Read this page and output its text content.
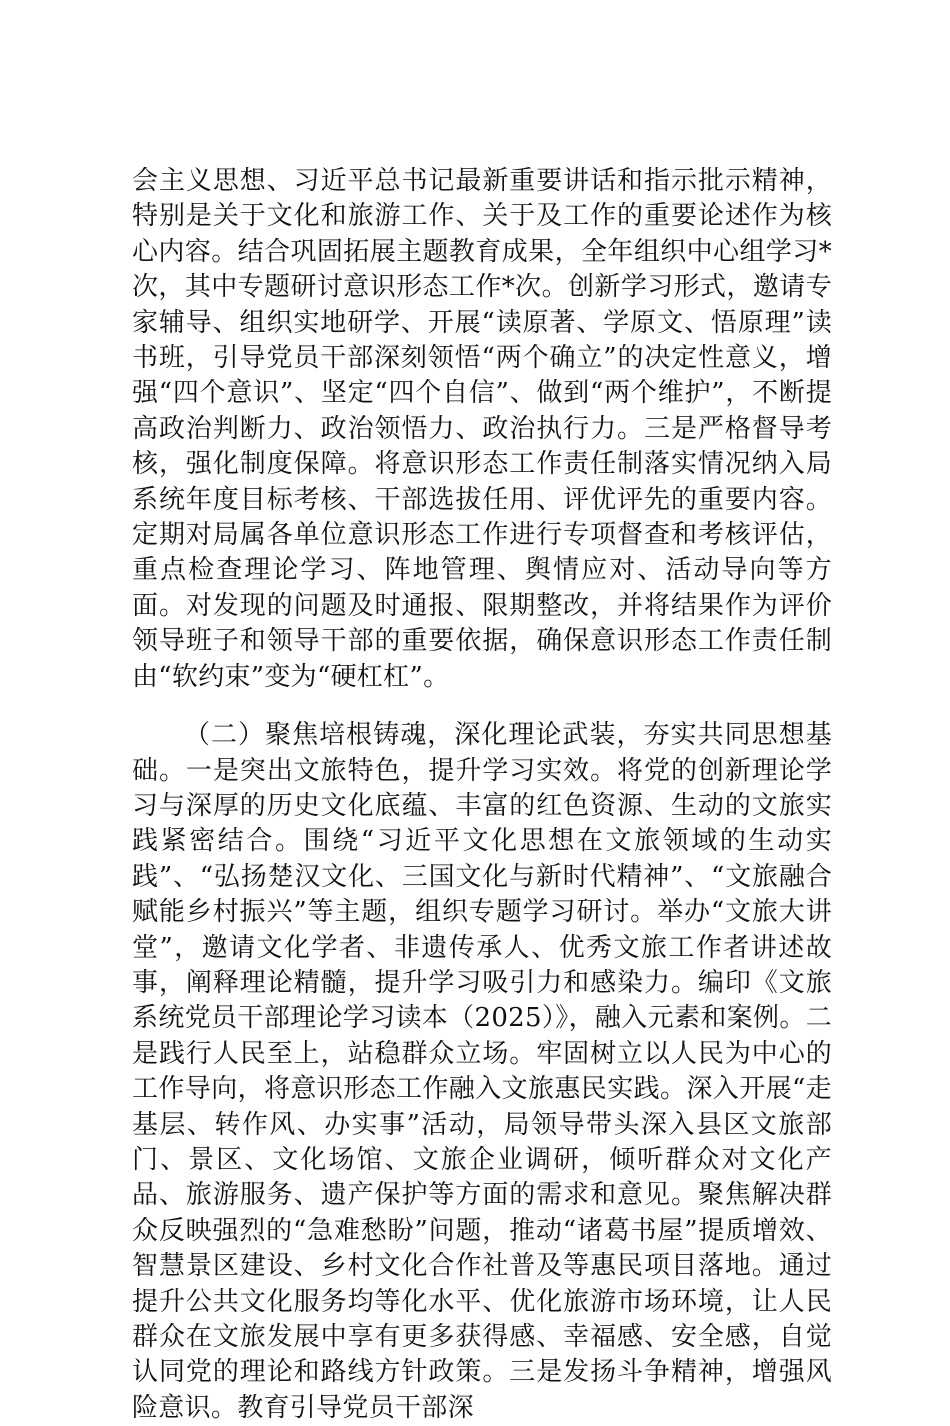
会主义思想、习近平总书记最新重要讲话和指示批示精神，特别是关于文化和旅游工作、关于及工作的重要论述作为核心内容。结合巩固拓展主题教育成果，全年组织中心组学习*次，其中专题研讨意识形态工作*次。创新学习形式，邀请专家辅导、组织实地研学、开展“读原著、学原文、悟原理”读书班，引导党员干部深刻领悟“两个确立”的决定性意义，增强“四个意识”、坚定“四个自信”、做到“两个维护”，不断提高政治判断力、政治领悟力、政治执行力。三是严格督导考核，强化制度保障。将意识形态工作责任制落实情况纳入局系统年度目标考核、干部选拔任用、评优评先的重要内容。定期对局属各单位意识形态工作进行专项督查和考核评估，重点检查理论学习、阵地管理、舆情应对、活动导向等方面。对发现的问题及时通报、限期整改，并将结果作为评价领导班子和领导干部的重要依据，确保意识形态工作责任制由“软约束”变为“硬杠杠”。

（二）聚焦培根铸魂，深化理论武装，夯实共同思想基础。一是突出文旅特色，提升学习实效。将党的创新理论学习与深厚的历史文化底蕴、丰富的红色资源、生动的文旅实践紧密结合。围绕“习近平文化思想在文旅领域的生动实践”、“弘扬楚汉文化、三国文化与新时代精神”、“文旅融合赋能乡村振兴”等主题，组织专题学习研讨。举办“文旅大讲堂”，邀请文化学者、非遗传承人、优秀文旅工作者讲述故事，阐释理论精髓，提升学习吸引力和感染力。编印《文旅系统党员干部理论学习读本（2025）》，融入元素和案例。二是践行人民至上，站稳群众立场。牢固树立以人民为中心的工作导向，将意识形态工作融入文旅惠民实践。深入开展“走基层、转作风、办实事”活动，局领导带头深入县区文旅部门、景区、文化场馆、文旅企业调研，倾听群众对文化产品、旅游服务、遗产保护等方面的需求和意见。聚焦解决群众反映强烈的“急难愁盼”问题，推动“诸葛书屋”提质增效、智慧景区建设、乡村文化合作社普及等惠民项目落地。通过提升公共文化服务均等化水平、优化旅游市场环境，让人民群众在文旅发展中享有更多获得感、幸福感、安全感，自觉认同党的理论和路线方针政策。三是发扬斗争精神，增强风险意识。教育引导党员干部深
